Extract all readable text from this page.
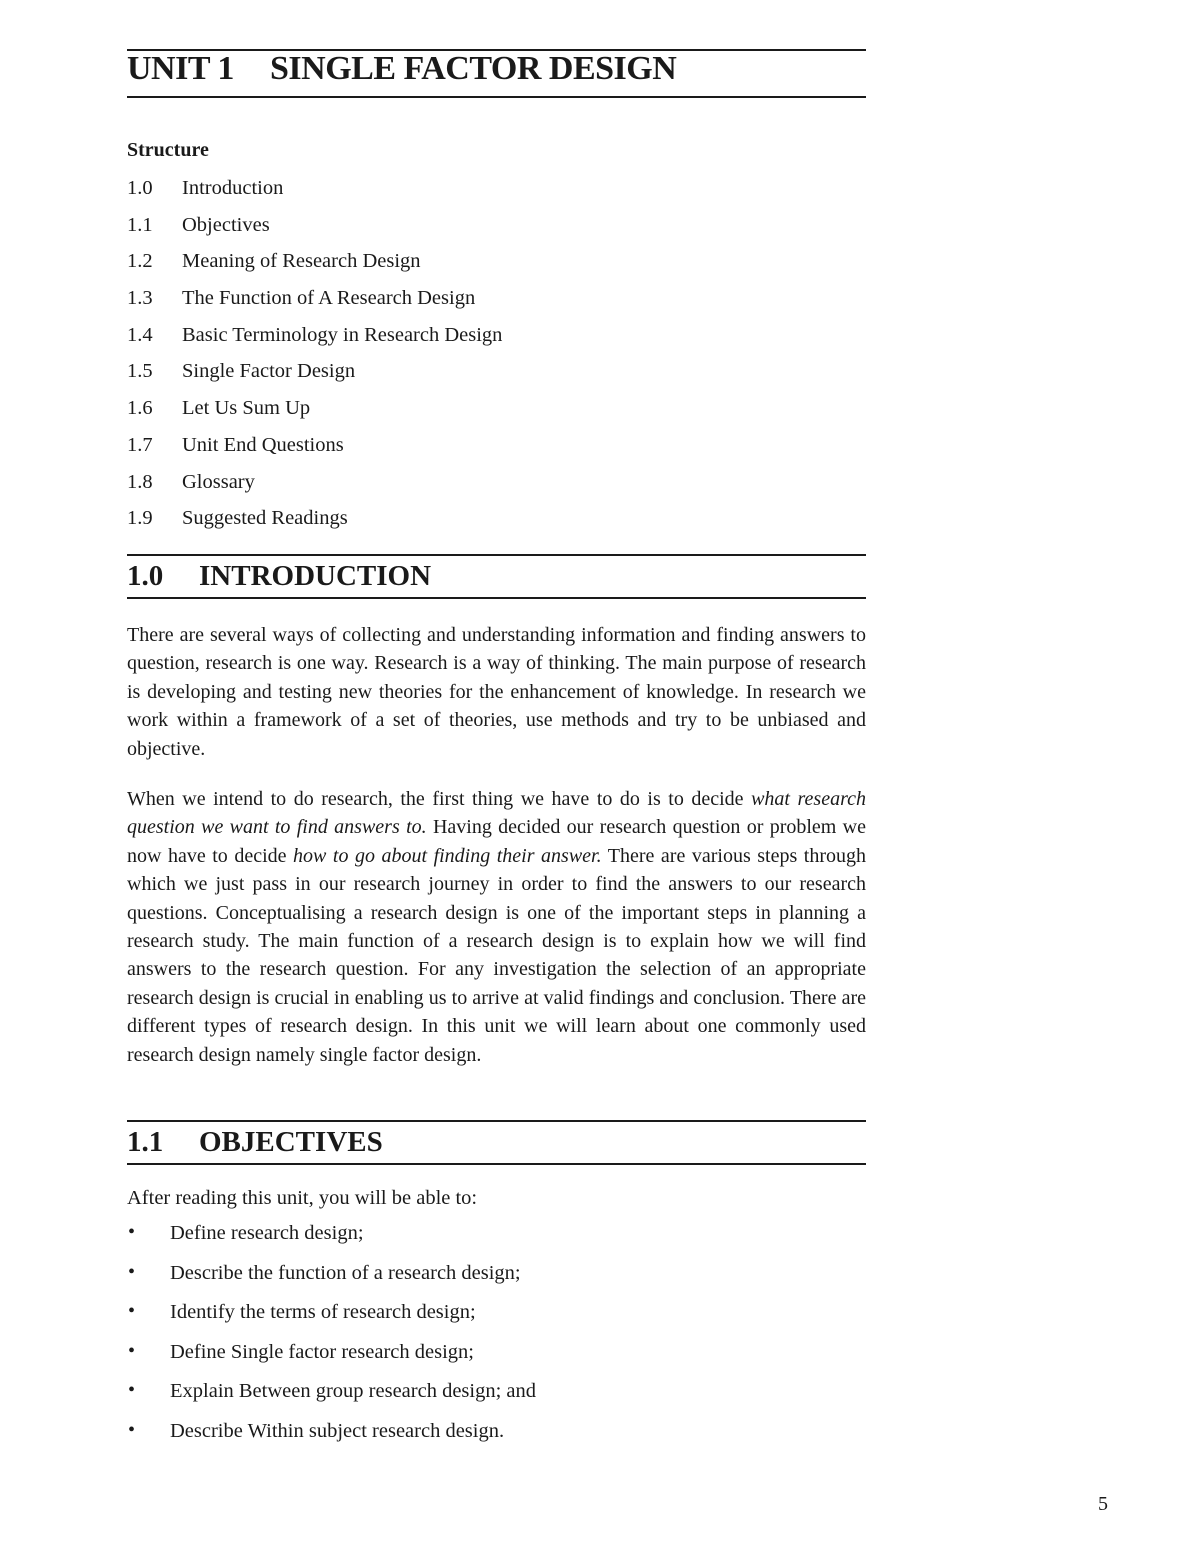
UNIT 1 SINGLE FACTOR DESIGN
Structure
1.0 Introduction
1.1 Objectives
1.2 Meaning of Research Design
1.3 The Function of A Research Design
1.4 Basic Terminology in Research Design
1.5 Single Factor Design
1.6 Let Us Sum Up
1.7 Unit End Questions
1.8 Glossary
1.9 Suggested Readings
1.0 INTRODUCTION

There are several ways of collecting and understanding information and finding answers to question, research is one way. Research is a way of thinking. The main purpose of research is developing and testing new theories for the enhancement of knowledge. In research we work within a framework of a set of theories, use methods and try to be unbiased and objective.

When we intend to do research, the first thing we have to do is to decide what research question we want to find answers to. Having decided our research question or problem we now have to decide how to go about finding their answer. There are various steps through which we just pass in our research journey in order to find the answers to our research questions. Conceptualising a research design is one of the important steps in planning a research study. The main function of a research design is to explain how we will find answers to the research question. For any investigation the selection of an appropriate research design is crucial in enabling us to arrive at valid findings and conclusion. There are different types of research design. In this unit we will learn about one commonly used research design namely single factor design.

1.1 OBJECTIVES
After reading this unit, you will be able to:
• Define research design;
• Describe the function of a research design;
• Identify the terms of research design;
• Define Single factor research design;
• Explain Between group research design; and
• Describe Within subject research design.
5
